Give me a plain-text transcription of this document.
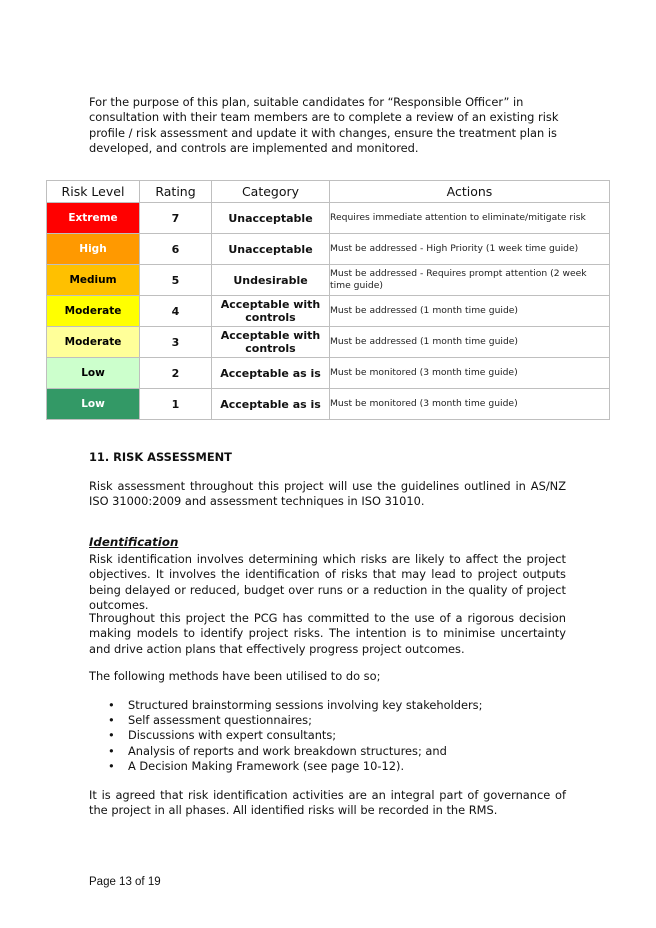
For the purpose of this plan, suitable candidates for “Responsible Officer” in consultation with their team members are to complete a review of an existing risk profile / risk assessment and update it with changes, ensure the treatment plan is developed, and controls are implemented and monitored.

Risk Level	Rating	Category	Actions
Extreme	7	Unacceptable	Requires immediate attention to eliminate/mitigate risk
High	6	Unacceptable	Must be addressed - High Priority (1 week time guide)
Medium	5	Undesirable	Must be addressed - Requires prompt attention (2 week time guide)
Moderate	4	Acceptable with controls	Must be addressed (1 month time guide)
Moderate	3	Acceptable with controls	Must be addressed (1 month time guide)
Low	2	Acceptable as is	Must be monitored (3 month time guide)
Low	1	Acceptable as is	Must be monitored (3 month time guide)
11. RISK ASSESSMENT

Risk assessment throughout this project will use the guidelines outlined in AS/NZ ISO 31000:2009 and assessment techniques in ISO 31010.

Identification

Risk identification involves determining which risks are likely to affect the project objectives. It involves the identification of risks that may lead to project outputs being delayed or reduced, budget over runs or a reduction in the quality of project outcomes.

Throughout this project the PCG has committed to the use of a rigorous decision making models to identify project risks. The intention is to minimise uncertainty and drive action plans that effectively progress project outcomes.

The following methods have been utilised to do so;

• Structured brainstorming sessions involving key stakeholders;
• Self assessment questionnaires;
• Discussions with expert consultants;
• Analysis of reports and work breakdown structures; and
• A Decision Making Framework (see page 10-12).

It is agreed that risk identification activities are an integral part of governance of the project in all phases. All identified risks will be recorded in the RMS.

Page 13 of 19
